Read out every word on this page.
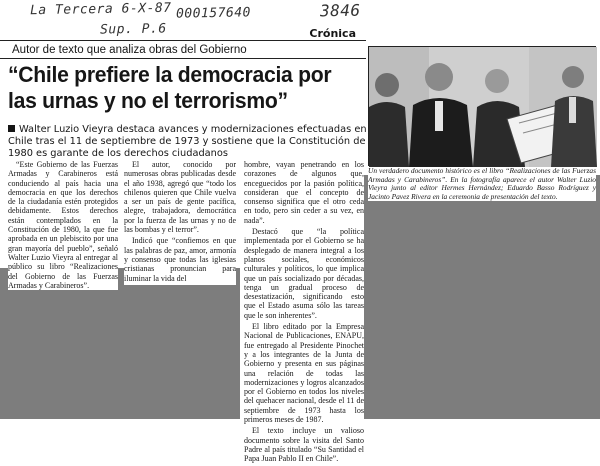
La Tercera 6-X-87 000157640
Sup. P.6
3846
Crónica
Autor de texto que analiza obras del Gobierno
“Chile prefiere la democracia por las urnas y no el terrorismo”
Walter Luzio Vieyra destaca avances y modernizaciones efectuadas en Chile tras el 11 de septiembre de 1973 y sostiene que la Constitución de 1980 es garante de los derechos ciudadanos

“Este Gobierno de las Fuerzas Armadas y Carabineros está conduciendo al país hacia una democracia en que los derechos de la ciudadanía estén protegidos debidamente. Estos derechos están contemplados en la Constitución de 1980, la que fue aprobada en un plebiscito por una gran mayoría del pueblo”, señaló Walter Luzio Vieyra al entregar al público su libro “Realizaciones del Gobierno de las Fuerzas Armadas y Carabineros”.

El autor, conocido por numerosas obras publicadas desde el año 1938, agregó que “todo los chilenos quieren que Chile vuelva a ser un país de gente pacífica, alegre, trabajadora, democrática por la fuerza de las urnas y no de las bombas y el terror”.

Indicó que “confiemos en que las palabras de paz, amor, armonía y consenso que todas las iglesias cristianas pronuncian para iluminar la vida del

hombre, vayan penetrando en los corazones de algunos que, enceguecidos por la pasión política, consideran que el concepto de consenso significa que el otro ceda en todo, pero sin ceder a su vez, en nada”.

Destacó que “la política implementada por el Gobierno se ha desplegado de manera integral a los planos sociales, económicos culturales y políticos, lo que implica que un país socializado por décadas, tenga un gradual proceso de desestatización, significando esto que el Estado asuma sólo las tareas que le son inherentes”.

El libro editado por la Empresa Nacional de Publicaciones, ENAPU, fue entregado al Presidente Pinochet y a los integrantes de la Junta de Gobierno y presenta en sus páginas una relación de todas las modernizaciones y logros alcanzados por el Gobierno en todos los niveles del quehacer nacional, desde el 11 de septiembre de 1973 hasta los primeros meses de 1987.

El texto incluye un valioso documento sobre la visita del Santo Padre al país titulado “Su Santidad el Papa Juan Pablo II en Chile”.

Un verdadero documento histórico es el libro “Realizaciones de las Fuerzas Armadas y Carabineros”. En la fotografía aparece el autor Walter Luzio Vieyra junto al editor Hermes Hernández; Eduardo Basso Rodríguez y Jacinto Pavez Rivera en la ceremonia de presentación del texto.
